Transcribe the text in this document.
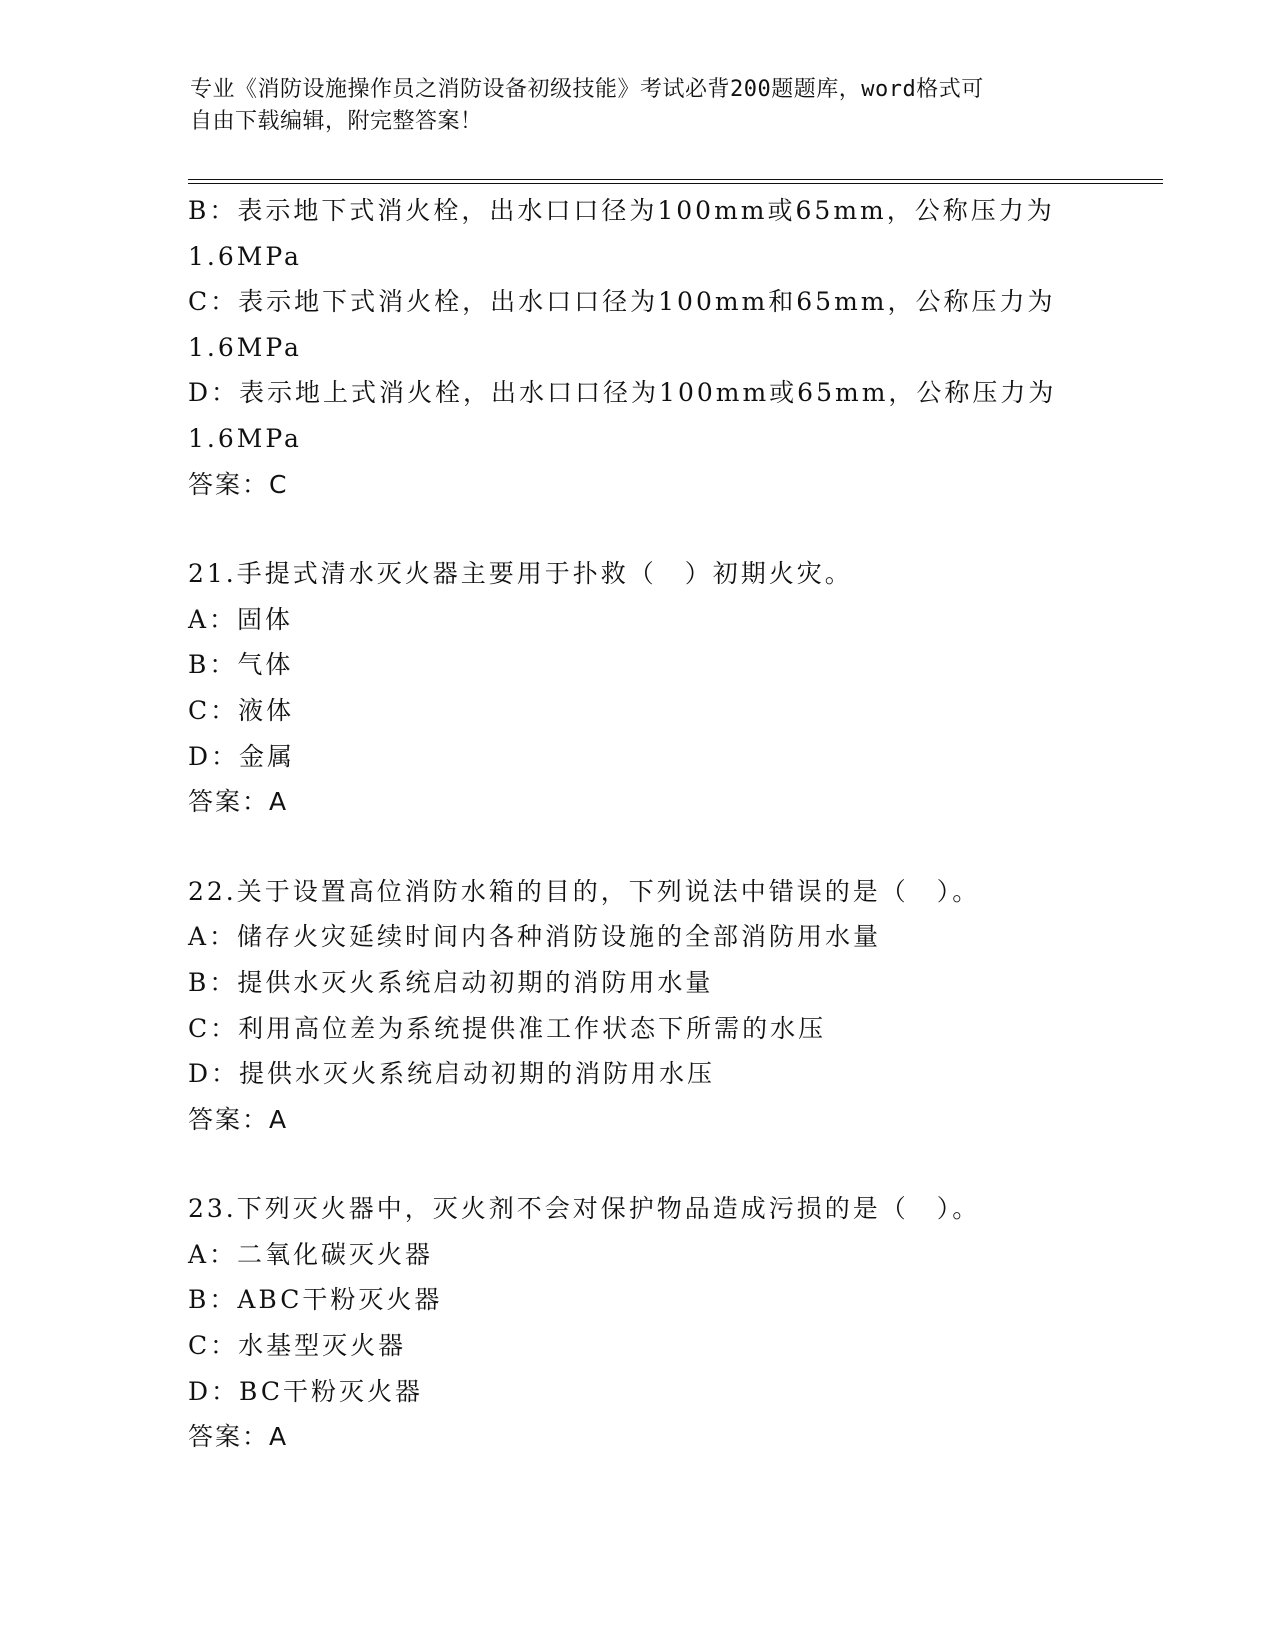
专业《消防设施操作员之消防设备初级技能》考试必背200题题库，word格式可
自由下载编辑，附完整答案！
B：表示地下式消火栓，出水口口径为100mm或65mm，公称压力为
1.6MPa
C：表示地下式消火栓，出水口口径为100mm和65mm，公称压力为
1.6MPa
D：表示地上式消火栓，出水口口径为100mm或65mm，公称压力为
1.6MPa
答案：C
21.手提式清水灭火器主要用于扑救（　）初期火灾。
A：固体
B：气体
C：液体
D：金属
答案：A
22.关于设置高位消防水箱的目的，下列说法中错误的是（　）。
A：储存火灾延续时间内各种消防设施的全部消防用水量
B：提供水灭火系统启动初期的消防用水量
C：利用高位差为系统提供准工作状态下所需的水压
D：提供水灭火系统启动初期的消防用水压
答案：A
23.下列灭火器中，灭火剂不会对保护物品造成污损的是（　）。
A：二氧化碳灭火器
B：ABC干粉灭火器
C：水基型灭火器
D：BC干粉灭火器
答案：A
